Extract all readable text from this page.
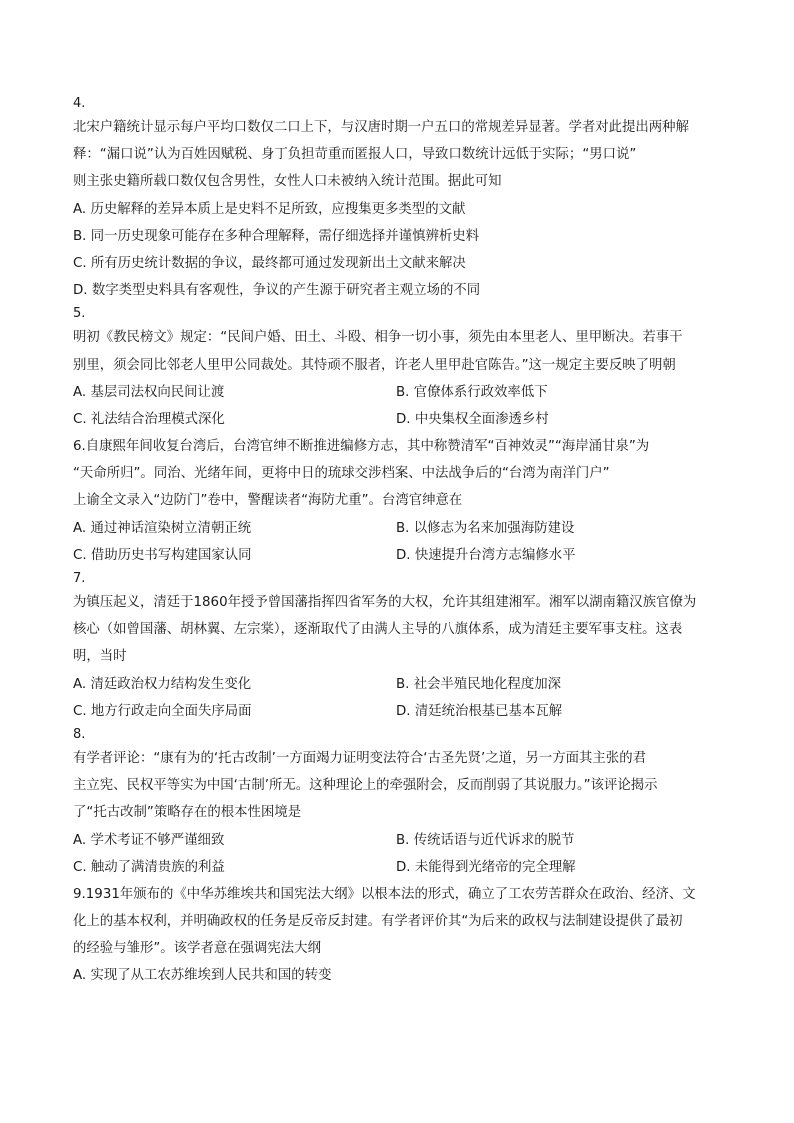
4.
北宋户籍统计显示每户平均口数仅二口上下，与汉唐时期一户五口的常规差异显著。学者对此提出两种解
释：“漏口说”认为百姓因赋税、身丁负担苛重而匿报人口，导致口数统计远低于实际；“男口说”
则主张史籍所载口数仅包含男性，女性人口未被纳入统计范围。据此可知
A. 历史解释的差异本质上是史料不足所致，应搜集更多类型的文献
B. 同一历史现象可能存在多种合理解释，需仔细选择并谨慎辨析史料
C. 所有历史统计数据的争议，最终都可通过发现新出土文献来解决
D. 数字类型史料具有客观性，争议的产生源于研究者主观立场的不同
5.
明初《教民榜文》规定：“民间户婚、田土、斗殴、相争一切小事，须先由本里老人、里甲断决。若事干
别里，须会同比邻老人里甲公同裁处。其恃顽不服者，许老人里甲赴官陈告。”这一规定主要反映了明朝
A. 基层司法权向民间让渡	B. 官僚体系行政效率低下
C. 礼法结合治理模式深化	D. 中央集权全面渗透乡村
6.自康熙年间收复台湾后，台湾官绅不断推进编修方志，其中称赞清军“百神效灵”“海岸涌甘泉”为
“天命所归”。同治、光绪年间，更将中日的琉球交涉档案、中法战争后的“台湾为南洋门户”
上谕全文录入“边防门”卷中，警醒读者“海防尤重”。台湾官绅意在
A. 通过神话渲染树立清朝正统	B. 以修志为名来加强海防建设
C. 借助历史书写构建国家认同	D. 快速提升台湾方志编修水平
7.
为镇压起义，清廷于1860年授予曾国藩指挥四省军务的大权，允许其组建湘军。湘军以湖南籍汉族官僚为
核心（如曾国藩、胡林翼、左宗棠），逐渐取代了由满人主导的八旗体系，成为清廷主要军事支柱。这表
明，当时
A. 清廷政治权力结构发生变化	B. 社会半殖民地化程度加深
C. 地方行政走向全面失序局面	D. 清廷统治根基已基本瓦解
8.
有学者评论：“康有为的‘托古改制’一方面竭力证明变法符合‘古圣先贤’之道，另一方面其主张的君
主立宪、民权平等实为中国‘古制’所无。这种理论上的牵强附会，反而削弱了其说服力。”该评论揭示
了“托古改制”策略存在的根本性困境是
A. 学术考证不够严谨细致	B. 传统话语与近代诉求的脱节
C. 触动了满清贵族的利益	D. 未能得到光绪帝的完全理解
9.1931年颁布的《中华苏维埃共和国宪法大纲》以根本法的形式，确立了工农劳苦群众在政治、经济、文
化上的基本权利，并明确政权的任务是反帝反封建。有学者评价其“为后来的政权与法制建设提供了最初
的经验与雏形”。该学者意在强调宪法大纲
A. 实现了从工农苏维埃到人民共和国的转变
